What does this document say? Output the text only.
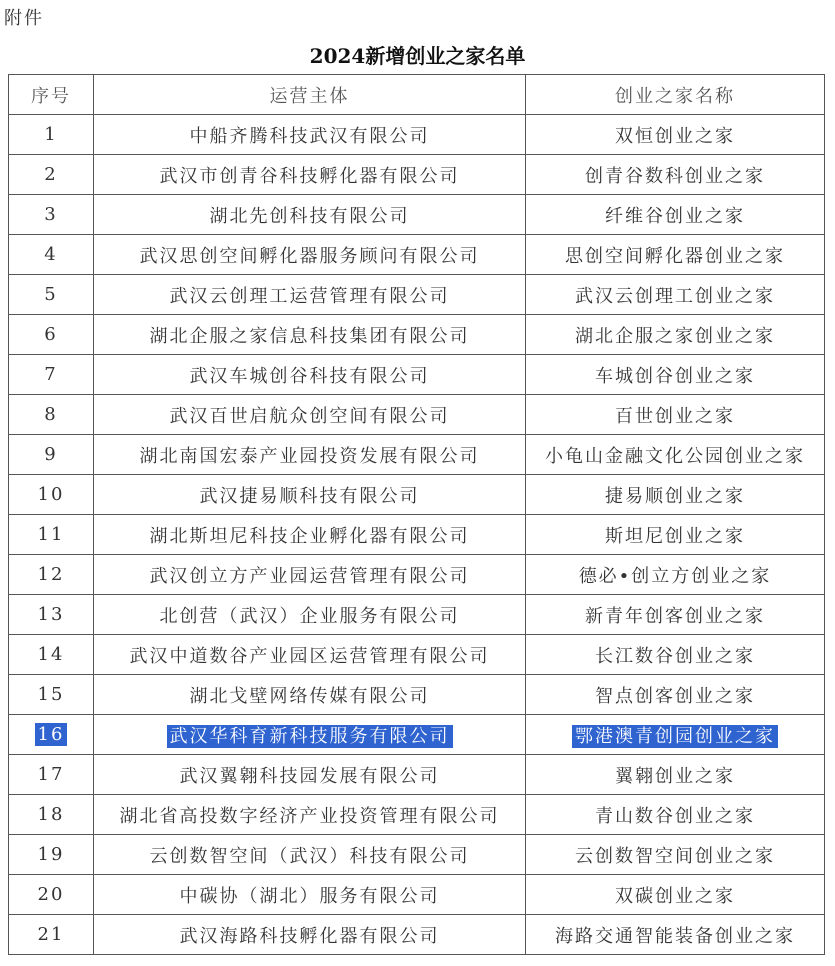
附件
2024新增创业之家名单
序号	运营主体	创业之家名称
1	中船齐腾科技武汉有限公司	双恒创业之家
2	武汉市创青谷科技孵化器有限公司	创青谷数科创业之家
3	湖北先创科技有限公司	纤维谷创业之家
4	武汉思创空间孵化器服务顾问有限公司	思创空间孵化器创业之家
5	武汉云创理工运营管理有限公司	武汉云创理工创业之家
6	湖北企服之家信息科技集团有限公司	湖北企服之家创业之家
7	武汉车城创谷科技有限公司	车城创谷创业之家
8	武汉百世启航众创空间有限公司	百世创业之家
9	湖北南国宏泰产业园投资发展有限公司	小龟山金融文化公园创业之家
10	武汉捷易顺科技有限公司	捷易顺创业之家
11	湖北斯坦尼科技企业孵化器有限公司	斯坦尼创业之家
12	武汉创立方产业园运营管理有限公司	德必•创立方创业之家
13	北创营（武汉）企业服务有限公司	新青年创客创业之家
14	武汉中道数谷产业园区运营管理有限公司	长江数谷创业之家
15	湖北戈壁网络传媒有限公司	智点创客创业之家
16	武汉华科育新科技服务有限公司	鄂港澳青创园创业之家
17	武汉翼翱科技园发展有限公司	翼翱创业之家
18	湖北省高投数字经济产业投资管理有限公司	青山数谷创业之家
19	云创数智空间（武汉）科技有限公司	云创数智空间创业之家
20	中碳协（湖北）服务有限公司	双碳创业之家
21	武汉海路科技孵化器有限公司	海路交通智能装备创业之家
